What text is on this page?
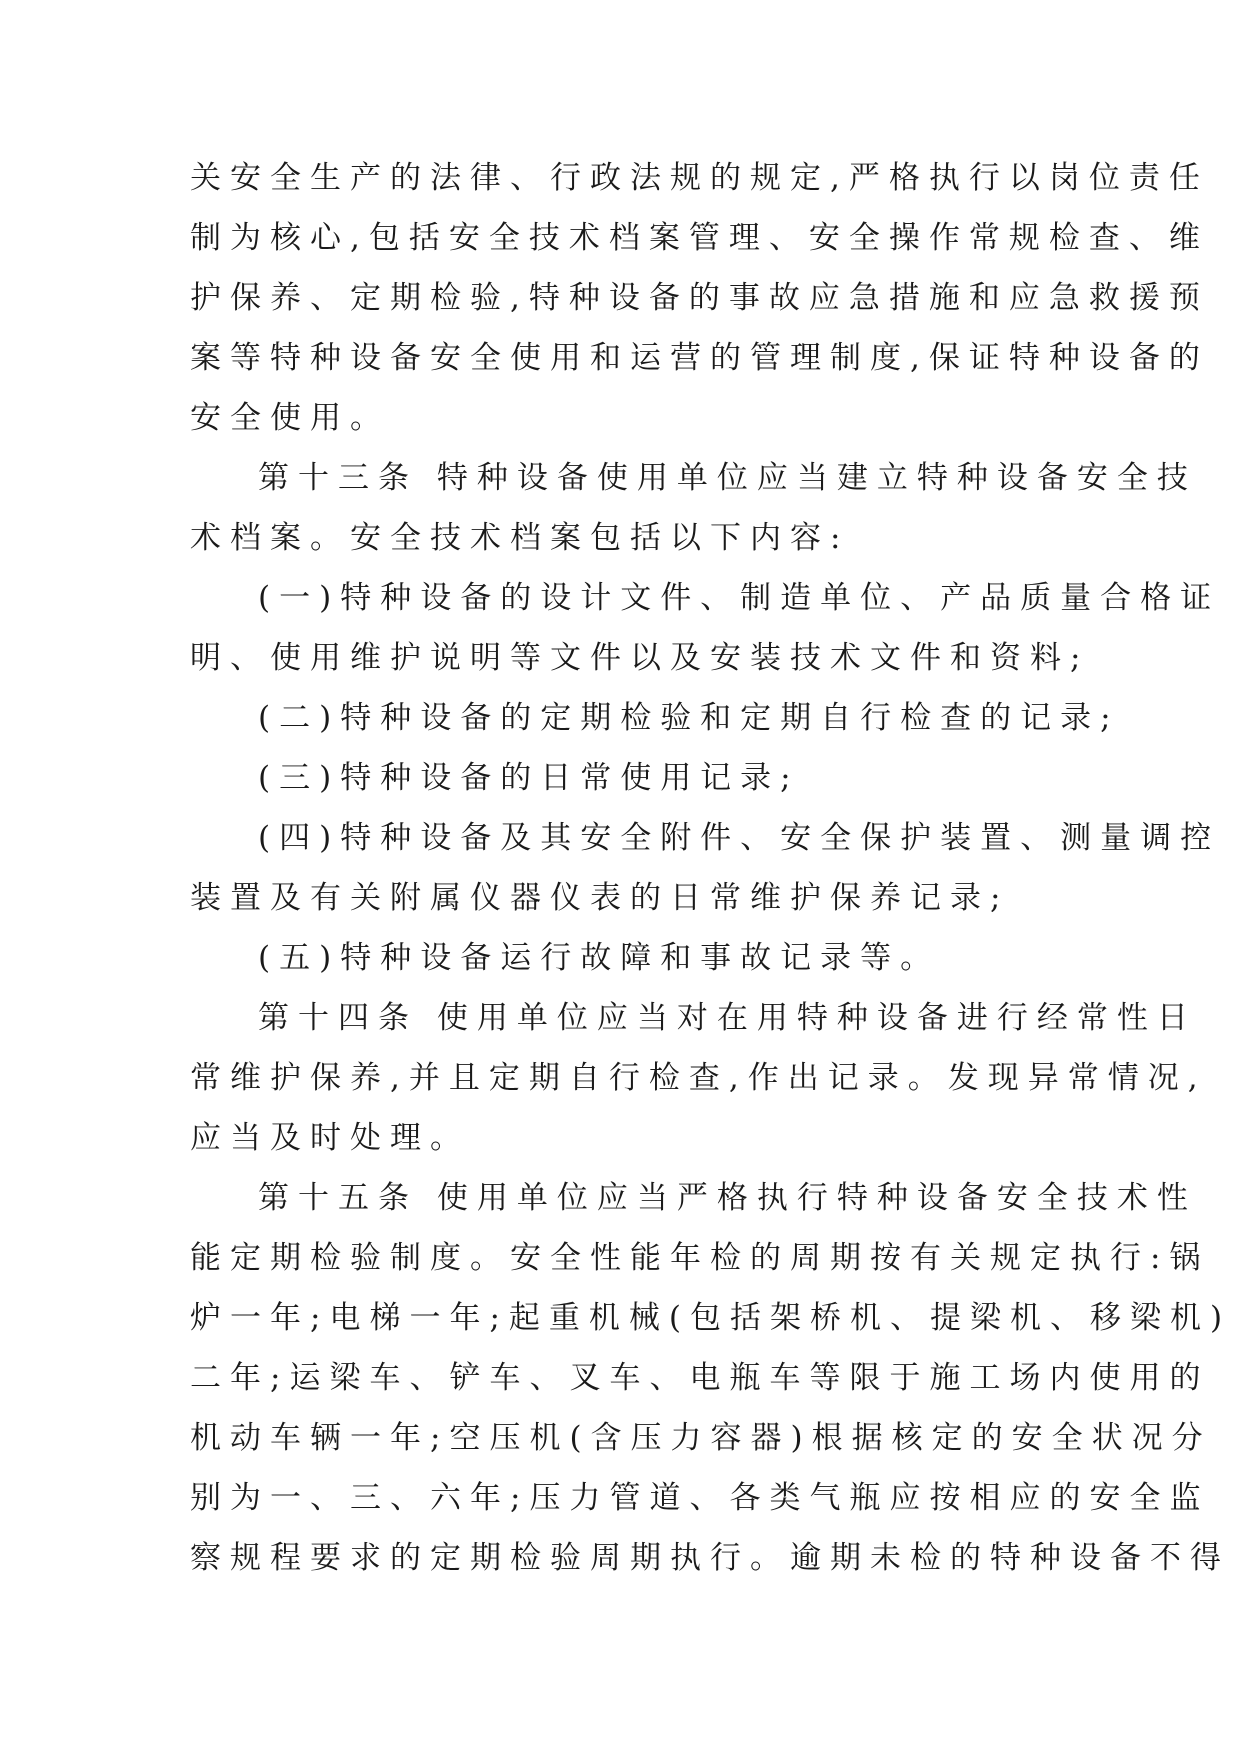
关安全生产的法律、行政法规的规定,严格执行以岗位责任
制为核心,包括安全技术档案管理、安全操作常规检查、维
护保养、定期检验,特种设备的事故应急措施和应急救援预
案等特种设备安全使用和运营的管理制度,保证特种设备的
安全使用。
第十三条 特种设备使用单位应当建立特种设备安全技
术档案。安全技术档案包括以下内容:
(一)特种设备的设计文件、制造单位、产品质量合格证
明、使用维护说明等文件以及安装技术文件和资料;
(二)特种设备的定期检验和定期自行检查的记录;
(三)特种设备的日常使用记录;
(四)特种设备及其安全附件、安全保护装置、测量调控
装置及有关附属仪器仪表的日常维护保养记录;
(五)特种设备运行故障和事故记录等。
第十四条 使用单位应当对在用特种设备进行经常性日
常维护保养,并且定期自行检查,作出记录。发现异常情况,
应当及时处理。
第十五条 使用单位应当严格执行特种设备安全技术性
能定期检验制度。安全性能年检的周期按有关规定执行:锅
炉一年;电梯一年;起重机械(包括架桥机、提梁机、移梁机)
二年;运梁车、铲车、叉车、电瓶车等限于施工场内使用的
机动车辆一年;空压机(含压力容器)根据核定的安全状况分
别为一、三、六年;压力管道、各类气瓶应按相应的安全监
察规程要求的定期检验周期执行。逾期未检的特种设备不得
